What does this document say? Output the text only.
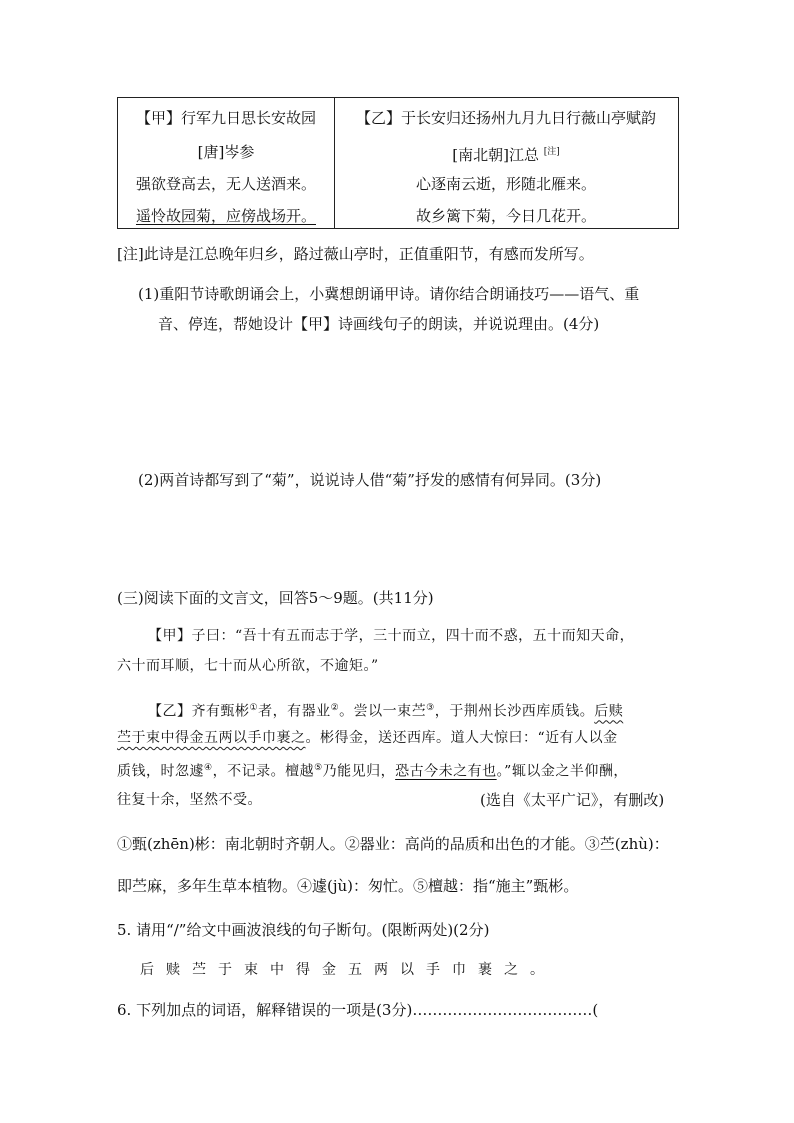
【甲】行军九日思长安故园
[唐]岑参
强欲登高去，无人送酒来。
遥怜故园菊，应傍战场开。
【乙】于长安归还扬州九月九日行薇山亭赋韵
[南北朝]江总 [注]
心逐南云逝，形随北雁来。
故乡篱下菊，今日几花开。
[注]此诗是江总晚年归乡，路过薇山亭时，正值重阳节，有感而发所写。
(1)重阳节诗歌朗诵会上，小冀想朗诵甲诗。请你结合朗诵技巧——语气、重
音、停连，帮她设计【甲】诗画线句子的朗读，并说说理由。(4分)
(2)两首诗都写到了“菊”，说说诗人借“菊”抒发的感情有何异同。(3分)
(三)阅读下面的文言文，回答5～9题。(共11分)
【甲】子曰：“吾十有五而志于学，三十而立，四十而不惑，五十而知天命，
六十而耳顺，七十而从心所欲，不逾矩。”
【乙】齐有甄彬①者，有器业②。尝以一束苎③，于荆州长沙西库质钱。后赎
苎于束中得金五两以手巾裹之。彬得金，送还西库。道人大惊曰：“近有人以金
质钱，时忽遽④，不记录。檀越⑤乃能见归，恐古今未之有也。”辄以金之半仰酬，
往复十余，坚然不受。	(选自《太平广记》，有删改)
①甄(zhēn)彬：南北朝时齐朝人。②器业：高尚的品质和出色的才能。③苎(zhù)：
即苎麻，多年生草本植物。④遽(jù)：匆忙。⑤檀越：指“施主”甄彬。
5. 请用“/”给文中画波浪线的句子断句。(限断两处)(2分)
后赎苎于束中得金五两以手巾裹之。
6. 下列加点的词语，解释错误的一项是(3分)………………………………(
